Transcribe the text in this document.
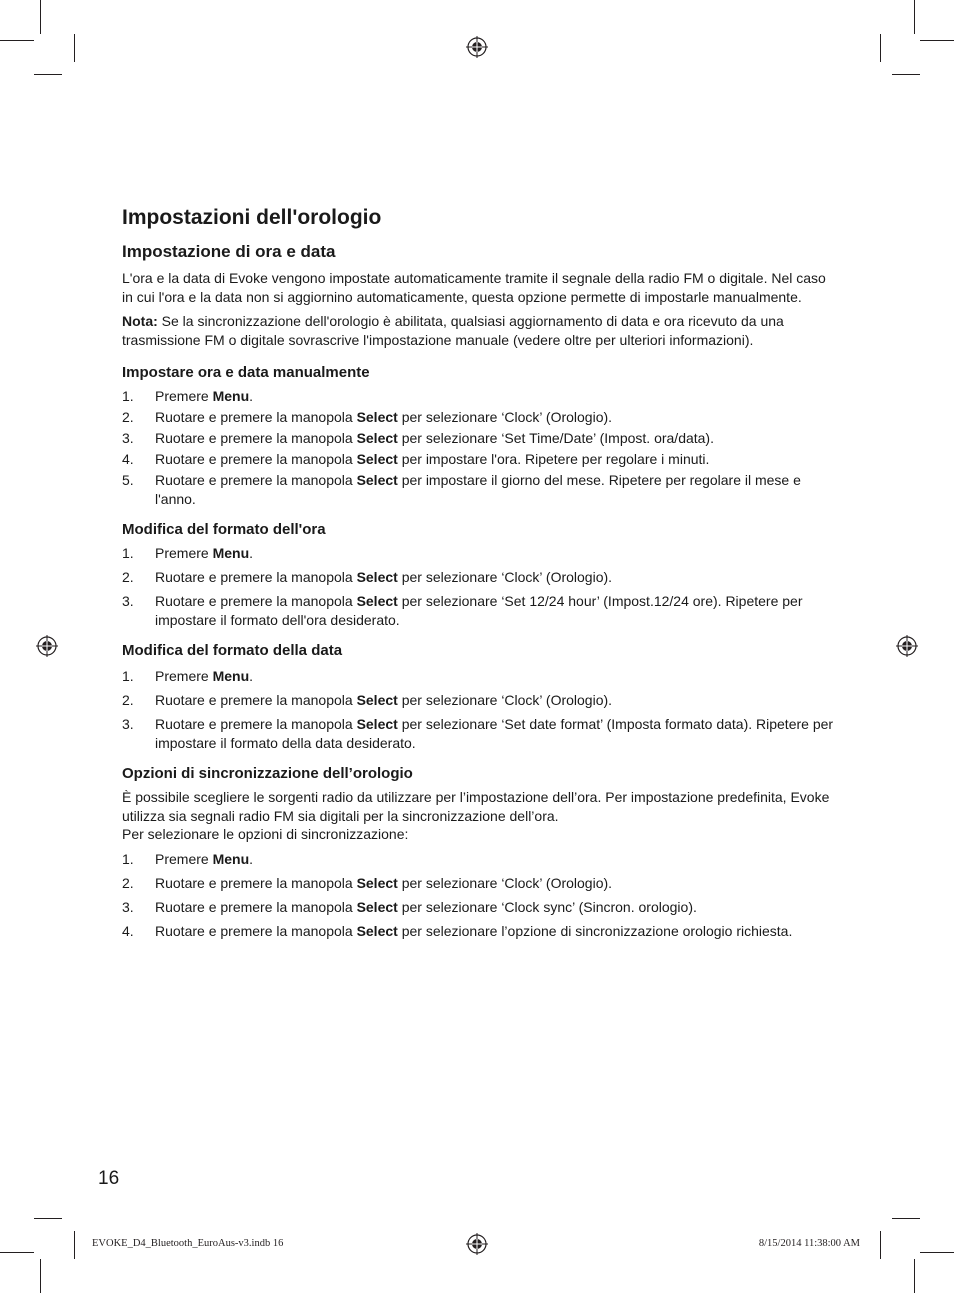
Impostazioni dell'orologio
Impostazione di ora e data

L'ora e la data di Evoke vengono impostate automaticamente tramite il segnale della radio FM o digitale. Nel caso in cui l'ora e la data non si aggiornino automaticamente, questa opzione permette di impostarle manualmente.

Nota: Se la sincronizzazione dell'orologio è abilitata, qualsiasi aggiornamento di data e ora ricevuto da una trasmissione FM o digitale sovrascrive l'impostazione manuale (vedere oltre per ulteriori informazioni).

Impostare ora e data manualmente
1. Premere Menu.
2. Ruotare e premere la manopola Select per selezionare ‘Clock’ (Orologio).
3. Ruotare e premere la manopola Select per selezionare ‘Set Time/Date’ (Impost. ora/data).
4. Ruotare e premere la manopola Select per impostare l'ora. Ripetere per regolare i minuti.
5. Ruotare e premere la manopola Select per impostare il giorno del mese. Ripetere per regolare il mese e l'anno.
Modifica del formato dell'ora
1. Premere Menu.
2. Ruotare e premere la manopola Select per selezionare ‘Clock’ (Orologio).
3. Ruotare e premere la manopola Select per selezionare ‘Set 12/24 hour’ (Impost.12/24 ore). Ripetere per impostare il formato dell'ora desiderato.
Modifica del formato della data
1. Premere Menu.
2. Ruotare e premere la manopola Select per selezionare ‘Clock’ (Orologio).
3. Ruotare e premere la manopola Select per selezionare ‘Set date format’ (Imposta formato data). Ripetere per impostare il formato della data desiderato.
Opzioni di sincronizzazione dell’orologio

È possibile scegliere le sorgenti radio da utilizzare per l’impostazione dell’ora. Per impostazione predefinita, Evoke utilizza sia segnali radio FM sia digitali per la sincronizzazione dell’ora.

Per selezionare le opzioni di sincronizzazione:

1. Premere Menu.
2. Ruotare e premere la manopola Select per selezionare ‘Clock’ (Orologio).
3. Ruotare e premere la manopola Select per selezionare ‘Clock sync’ (Sincron. orologio).
4. Ruotare e premere la manopola Select per selezionare l’opzione di sincronizzazione orologio richiesta.
16
EVOKE_D4_Bluetooth_EuroAus-v3.indb 16	8/15/2014 11:38:00 AM
